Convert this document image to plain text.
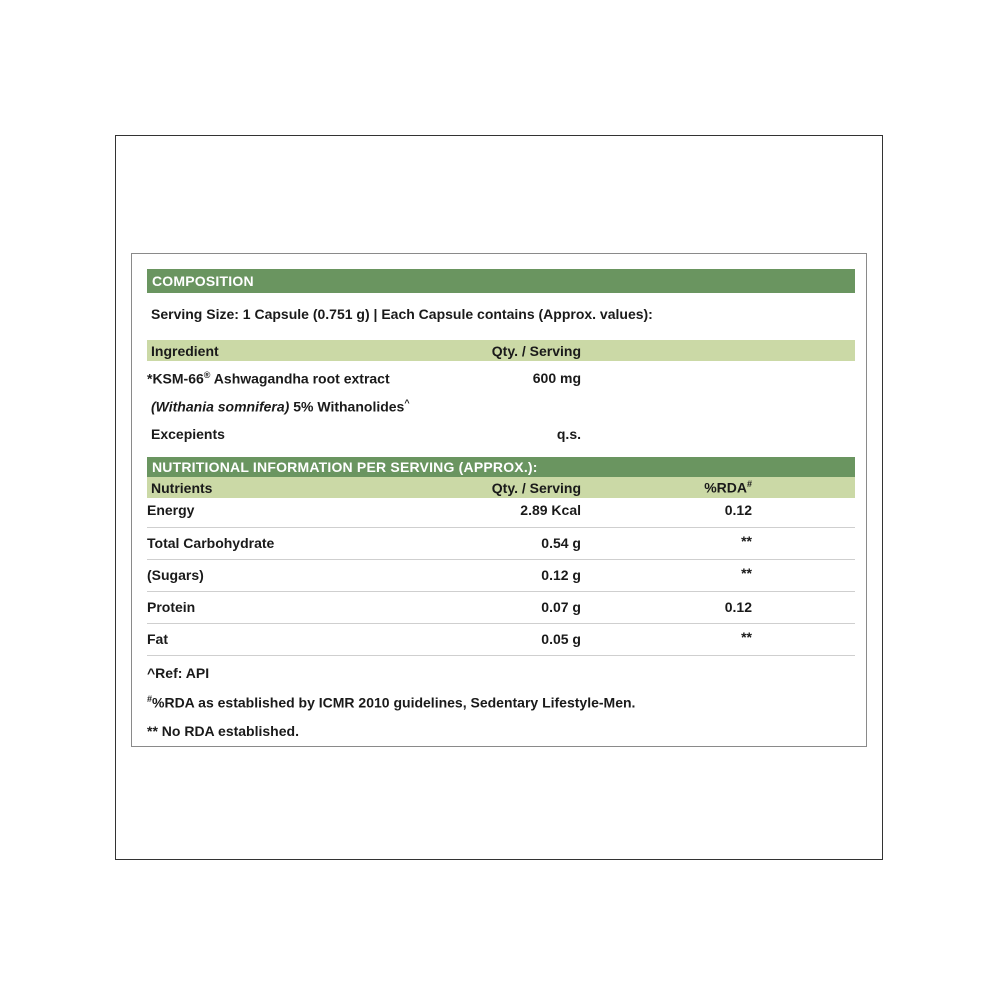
COMPOSITION
Serving Size: 1 Capsule (0.751 g) | Each Capsule contains (Approx. values):
Ingredient	Qty. / Serving
*KSM-66® Ashwagandha root extract	600 mg
(Withania somnifera) 5% Withanolides^
Excepients	q.s.
NUTRITIONAL INFORMATION PER SERVING (APPROX.):
Nutrients	Qty. / Serving	%RDA#
Energy	2.89 Kcal	0.12
Total Carbohydrate	0.54 g	**
(Sugars)	0.12 g	**
Protein	0.07 g	0.12
Fat	0.05 g	**
^Ref: API
#%RDA as established by ICMR 2010 guidelines, Sedentary Lifestyle-Men.
** No RDA established.
